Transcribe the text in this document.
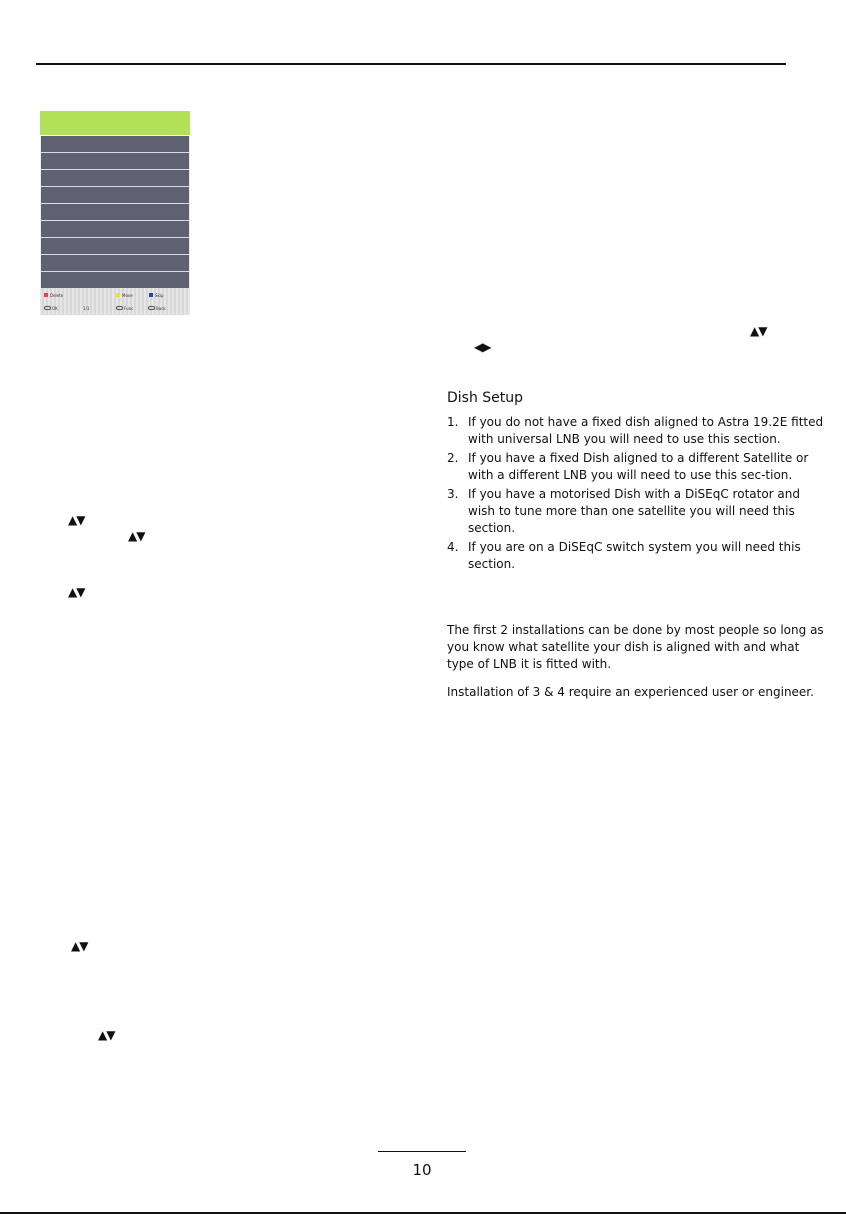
Delete	Move	Skip
OK	1/1	Func	Back
▲▼
◀▶
▲▼
▲▼
▲▼
▲▼
▲▼
Dish Setup
1. If you do not have a fixed dish aligned to Astra 19.2E fitted with universal LNB you will need to use this section.
2. If you have a fixed Dish aligned to a different Satellite or with a different LNB you will need to use this sec-tion.
3. If you have a motorised Dish with a DiSEqC rotator and wish to tune more than one satellite you will need this section.
4. If you are on a DiSEqC switch system you will need this section.

The first 2 installations can be done by most people so long as you know what satellite your dish is aligned with and what type of LNB it is fitted with.

Installation of 3 & 4 require an experienced user or engineer.

10
